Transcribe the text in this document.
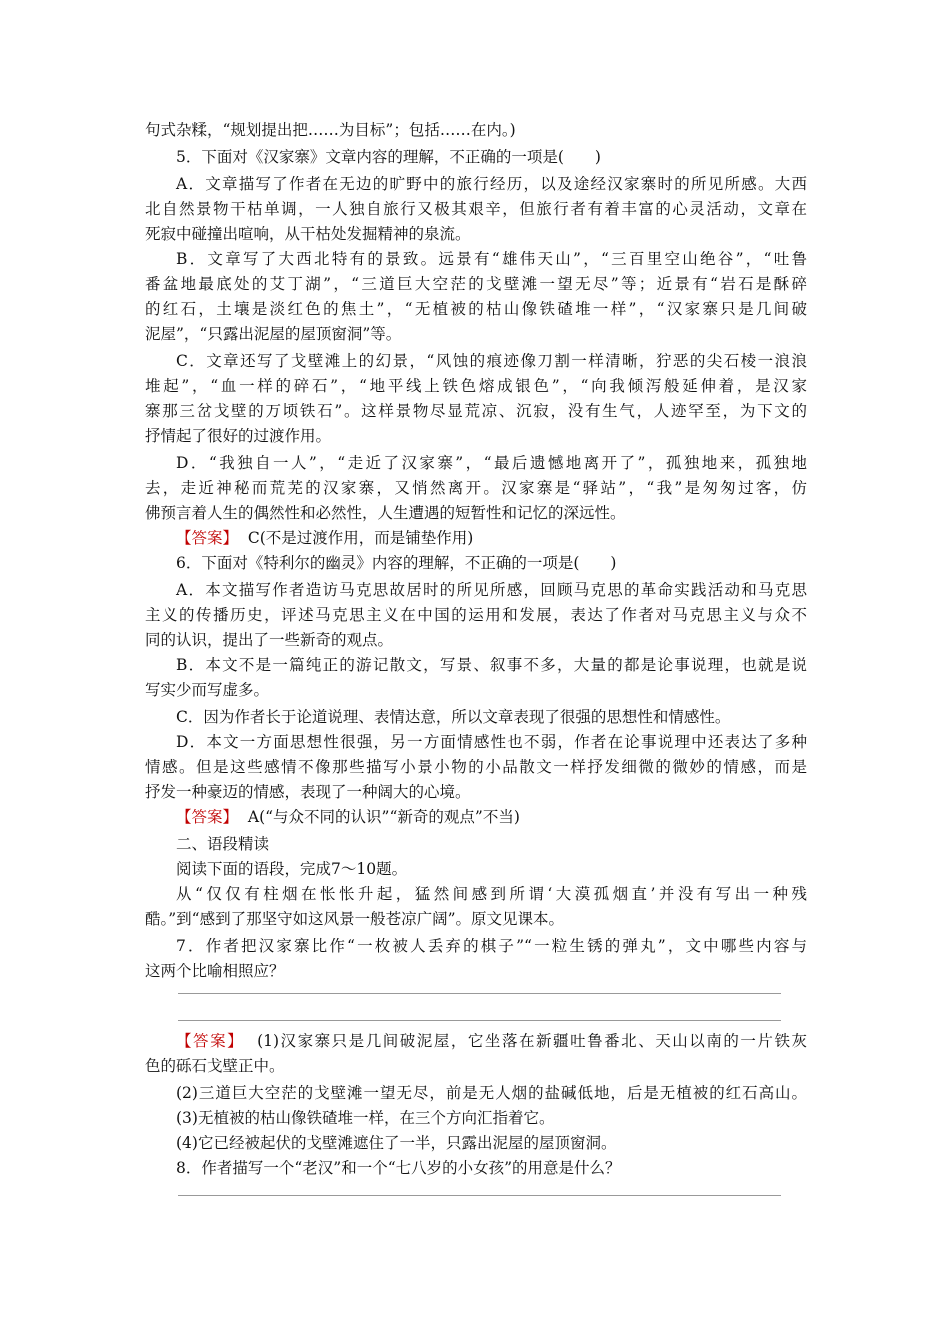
句式杂糅，“规划提出把……为目标”；包括……在内。)
5．下面对《汉家寨》文章内容的理解，不正确的一项是(　　)
A．文章描写了作者在无边的旷野中的旅行经历，以及途经汉家寨时的所见所感。大西
北自然景物干枯单调，一人独自旅行又极其艰辛，但旅行者有着丰富的心灵活动，文章在
死寂中碰撞出喧响，从干枯处发掘精神的泉流。
B．文章写了大西北特有的景致。远景有“雄伟天山”，“三百里空山绝谷”，“吐鲁
番盆地最底处的艾丁湖”，“三道巨大空茫的戈壁滩一望无尽”等；近景有“岩石是酥碎
的红石，土壤是淡红色的焦土”，“无植被的枯山像铁碴堆一样”，“汉家寨只是几间破
泥屋”，“只露出泥屋的屋顶窗洞”等。
C．文章还写了戈壁滩上的幻景，“风蚀的痕迹像刀割一样清晰，狞恶的尖石棱一浪浪
堆起”，“血一样的碎石”，“地平线上铁色熔成银色”，“向我倾泻般延伸着，是汉家
寨那三岔戈壁的万顷铁石”。这样景物尽显荒凉、沉寂，没有生气，人迹罕至，为下文的
抒情起了很好的过渡作用。
D．“我独自一人”，“走近了汉家寨”，“最后遗憾地离开了”，孤独地来，孤独地
去，走近神秘而荒芜的汉家寨，又悄然离开。汉家寨是“驿站”，“我”是匆匆过客，仿
佛预言着人生的偶然性和必然性，人生遭遇的短暂性和记忆的深远性。
【答案】 C(不是过渡作用，而是铺垫作用)
6．下面对《特利尔的幽灵》内容的理解，不正确的一项是(　　)
A．本文描写作者造访马克思故居时的所见所感，回顾马克思的革命实践活动和马克思
主义的传播历史，评述马克思主义在中国的运用和发展，表达了作者对马克思主义与众不
同的认识，提出了一些新奇的观点。
B．本文不是一篇纯正的游记散文，写景、叙事不多，大量的都是论事说理，也就是说
写实少而写虚多。
C．因为作者长于论道说理、表情达意，所以文章表现了很强的思想性和情感性。
D．本文一方面思想性很强，另一方面情感性也不弱，作者在论事说理中还表达了多种
情感。但是这些感情不像那些描写小景小物的小品散文一样抒发细微的微妙的情感，而是
抒发一种豪迈的情感，表现了一种阔大的心境。
【答案】 A(“与众不同的认识”“新奇的观点”不当)
二、语段精读
阅读下面的语段，完成7～10题。
从“仅仅有柱烟在怅怅升起，猛然间感到所谓‘大漠孤烟直’并没有写出一种残
酷。”到“感到了那坚守如这风景一般苍凉广阔”。原文见课本。
7．作者把汉家寨比作“一枚被人丢弃的棋子”“一粒生锈的弹丸”，文中哪些内容与
这两个比喻相照应？
【答案】 (1)汉家寨只是几间破泥屋，它坐落在新疆吐鲁番北、天山以南的一片铁灰
色的砾石戈壁正中。
(2)三道巨大空茫的戈壁滩一望无尽，前是无人烟的盐碱低地，后是无植被的红石高山。
(3)无植被的枯山像铁碴堆一样，在三个方向汇指着它。
(4)它已经被起伏的戈壁滩遮住了一半，只露出泥屋的屋顶窗洞。
8．作者描写一个“老汉”和一个“七八岁的小女孩”的用意是什么？
